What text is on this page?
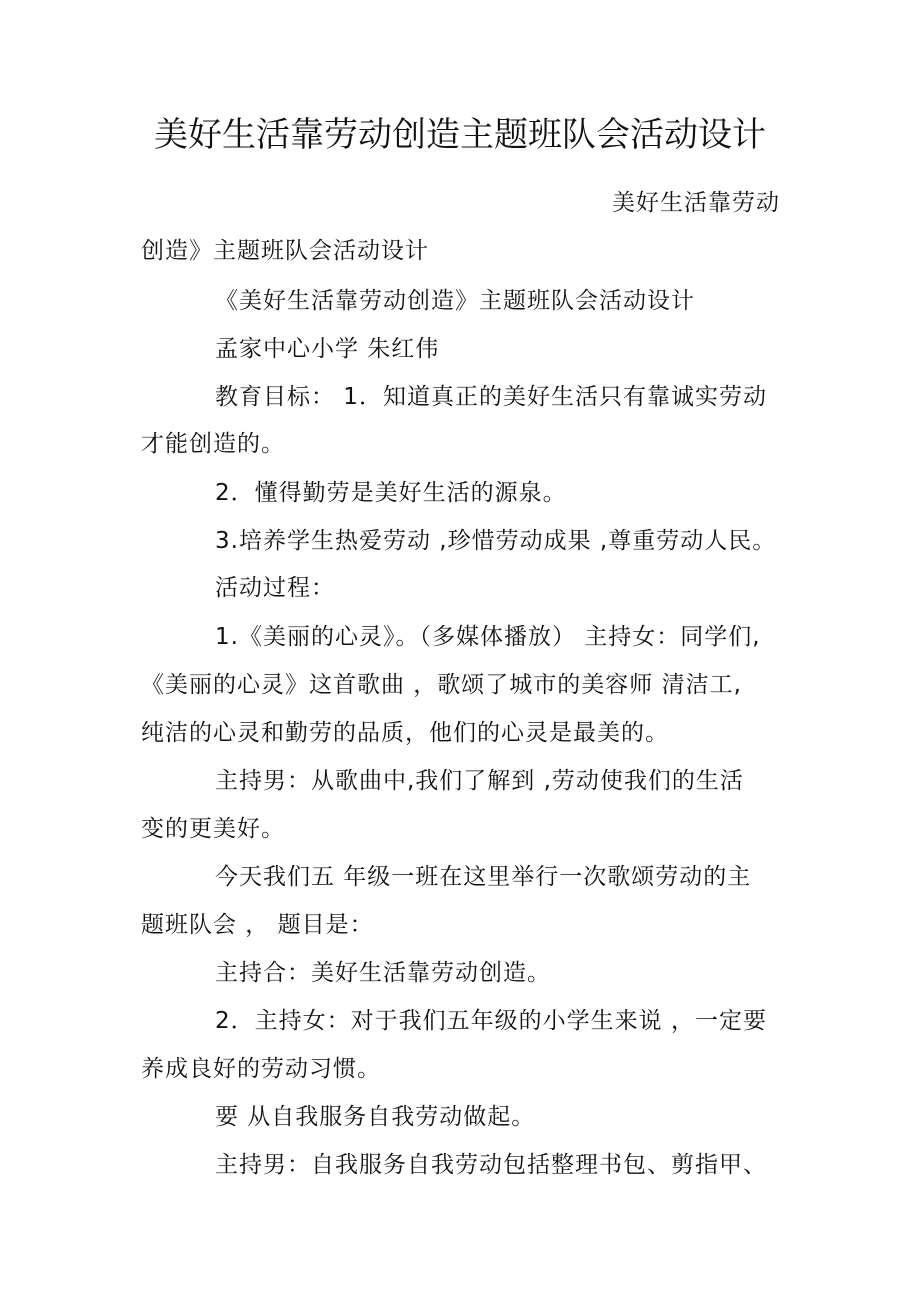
美好生活靠劳动创造主题班队会活动设计
美好生活靠劳动
创造》主题班队会活动设计
《美好生活靠劳动创造》主题班队会活动设计
孟家中心小学 朱红伟
教育目标： 1．知道真正的美好生活只有靠诚实劳动
才能创造的。
2．懂得勤劳是美好生活的源泉。
3.培养学生热爱劳动 ,珍惜劳动成果 ,尊重劳动人民。
活动过程：
1.《美丽的心灵》。（多媒体播放） 主持女：同学们,
《美丽的心灵》这首歌曲 ，歌颂了城市的美容师 清洁工,
纯洁的心灵和勤劳的品质，他们的心灵是最美的。
主持男：从歌曲中,我们了解到 ,劳动使我们的生活
变的更美好。
今天我们五 年级一班在这里举行一次歌颂劳动的主
题班队会 ， 题目是：
主持合：美好生活靠劳动创造。
2．主持女：对于我们五年级的小学生来说 ，一定要
养成良好的劳动习惯。
要 从自我服务自我劳动做起。
主持男：自我服务自我劳动包括整理书包、剪指甲、
